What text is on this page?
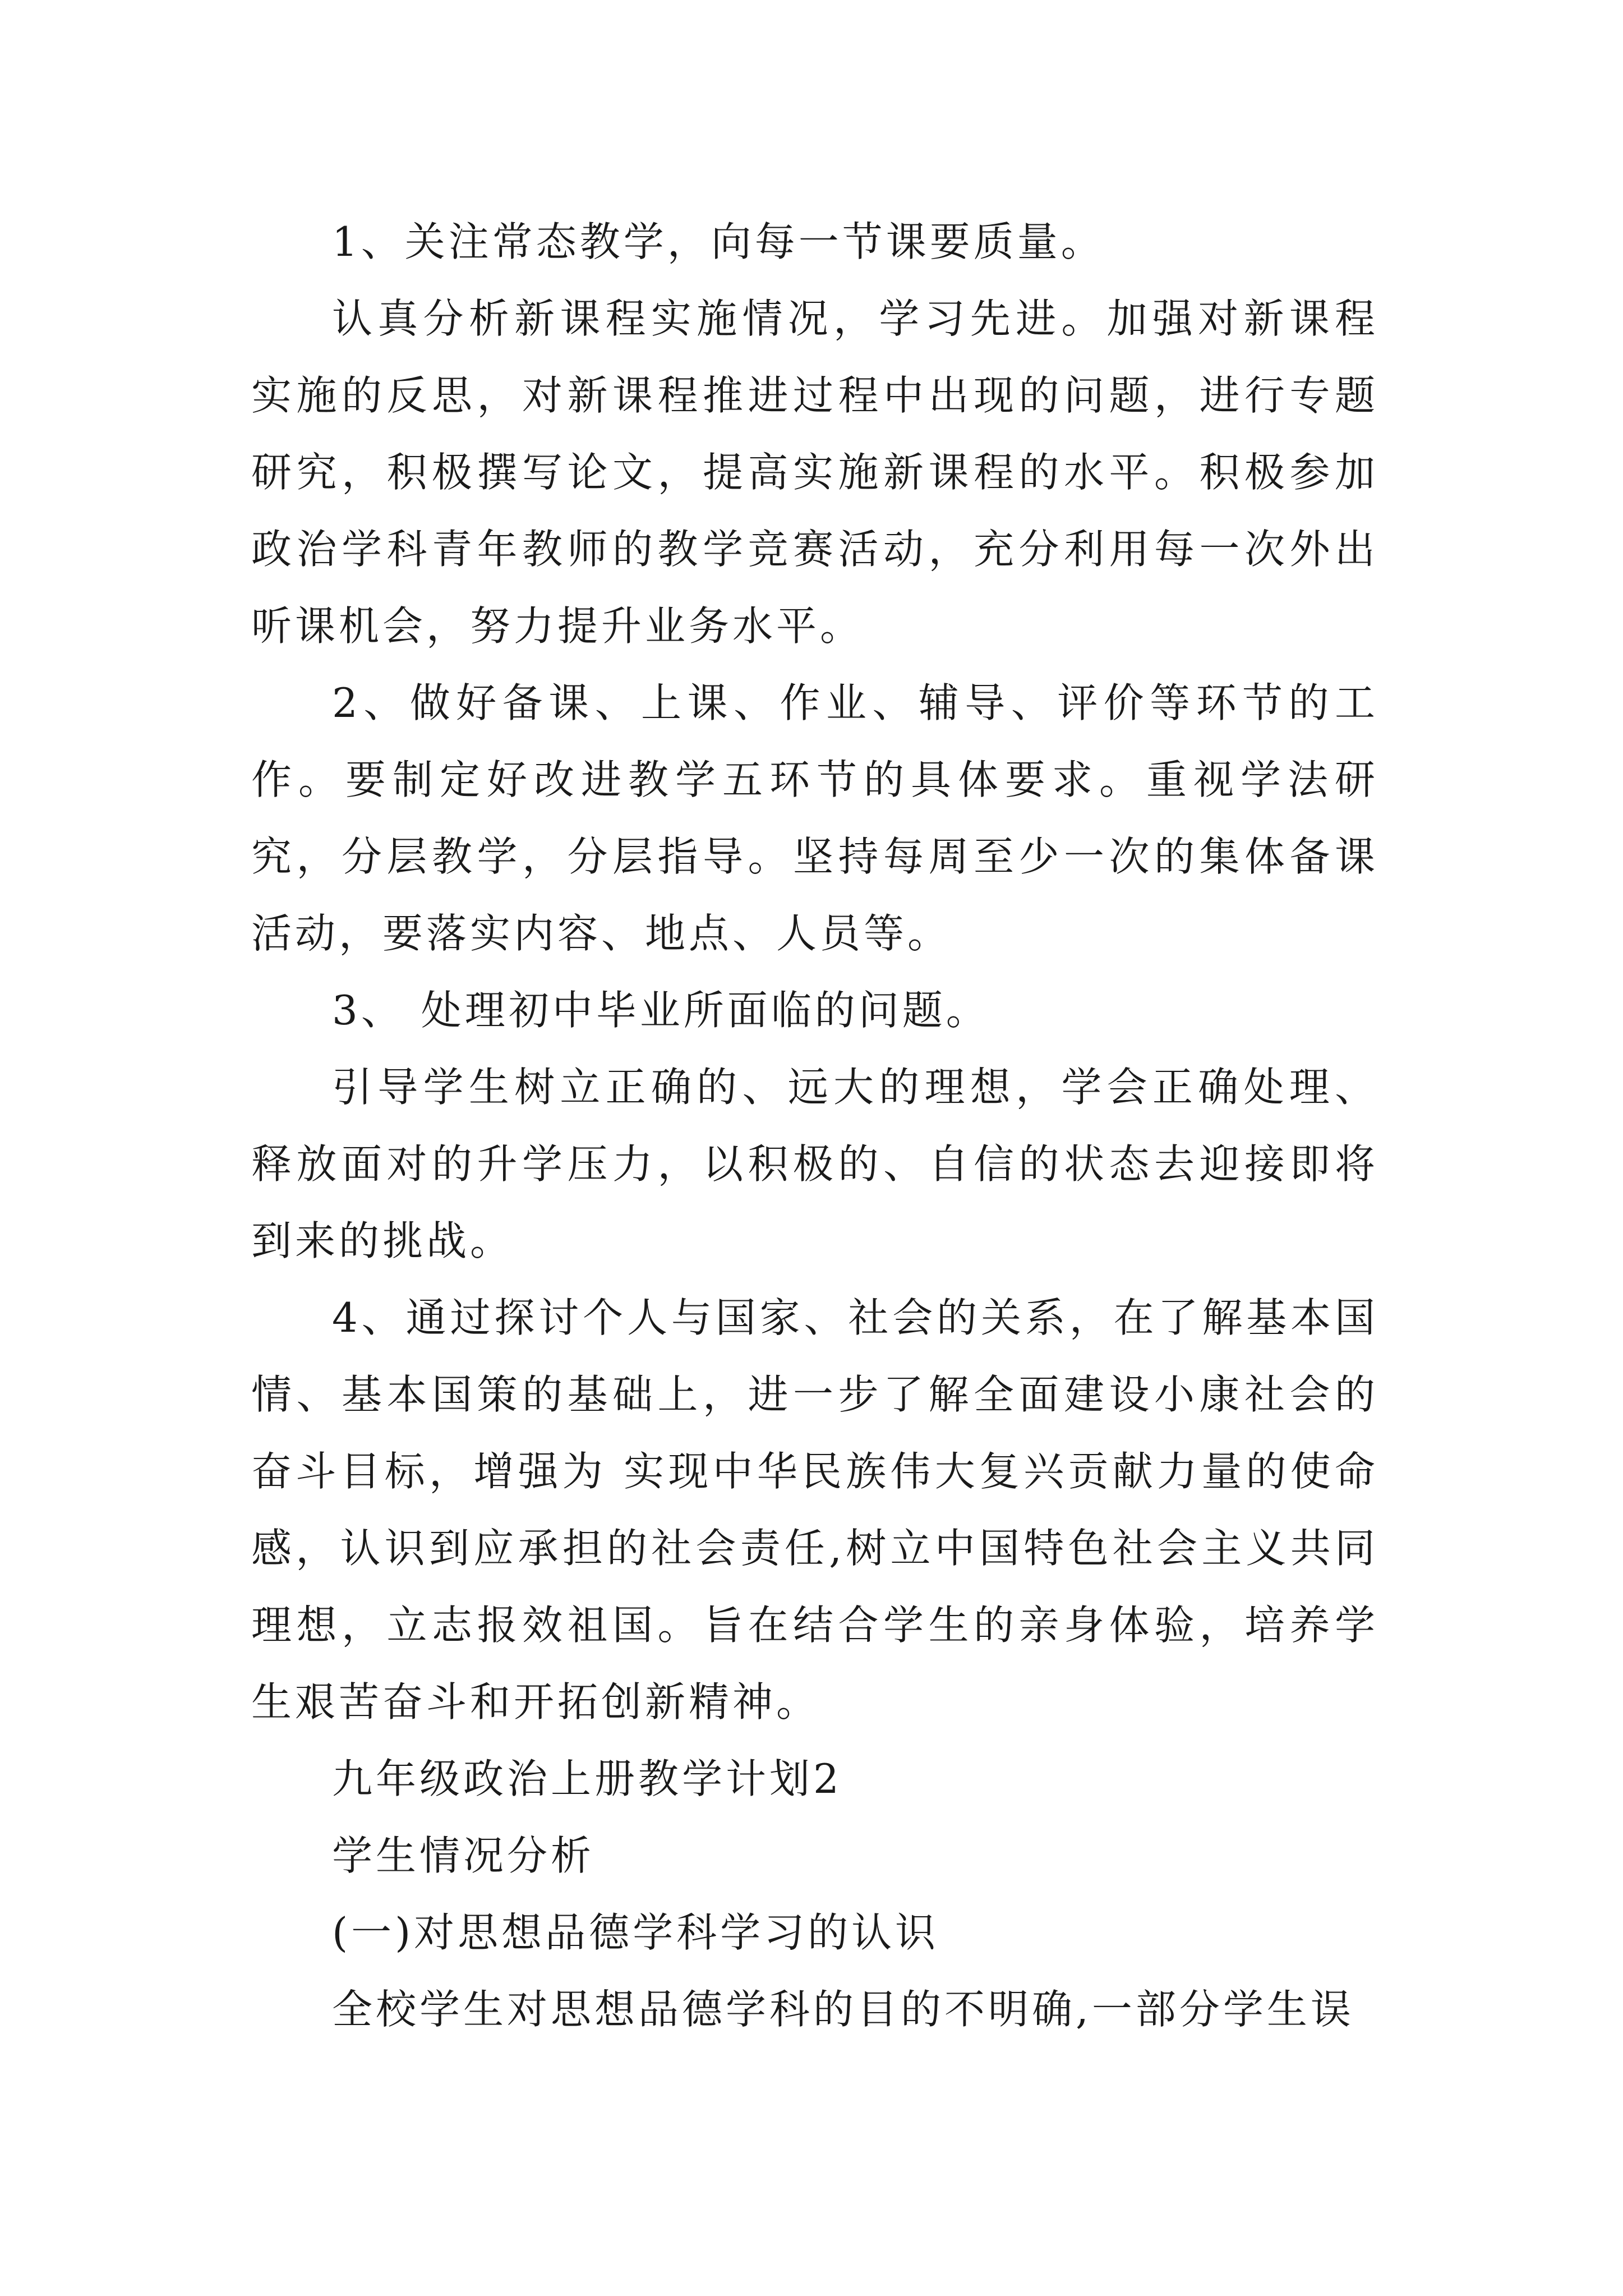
1、关注常态教学，向每一节课要质量。

认真分析新课程实施情况，学习先进。加强对新课程实施的反思，对新课程推进过程中出现的问题，进行专题研究，积极撰写论文，提高实施新课程的水平。积极参加政治学科青年教师的教学竞赛活动，充分利用每一次外出听课机会，努力提升业务水平。

2、做好备课、上课、作业、辅导、评价等环节的工作。要制定好改进教学五环节的具体要求。重视学法研究，分层教学，分层指导。坚持每周至少一次的集体备课活动，要落实内容、地点、人员等。

3、 处理初中毕业所面临的问题。

引导学生树立正确的、远大的理想，学会正确处理、释放面对的升学压力，以积极的、自信的状态去迎接即将到来的挑战。

4、通过探讨个人与国家、社会的关系，在了解基本国情、基本国策的基础上，进一步了解全面建设小康社会的奋斗目标，增强为 实现中华民族伟大复兴贡献力量的使命感，认识到应承担的社会责任,树立中国特色社会主义共同理想，立志报效祖国。旨在结合学生的亲身体验，培养学生艰苦奋斗和开拓创新精神。

九年级政治上册教学计划2

学生情况分析

(一)对思想品德学科学习的认识

全校学生对思想品德学科的目的不明确,一部分学生误
